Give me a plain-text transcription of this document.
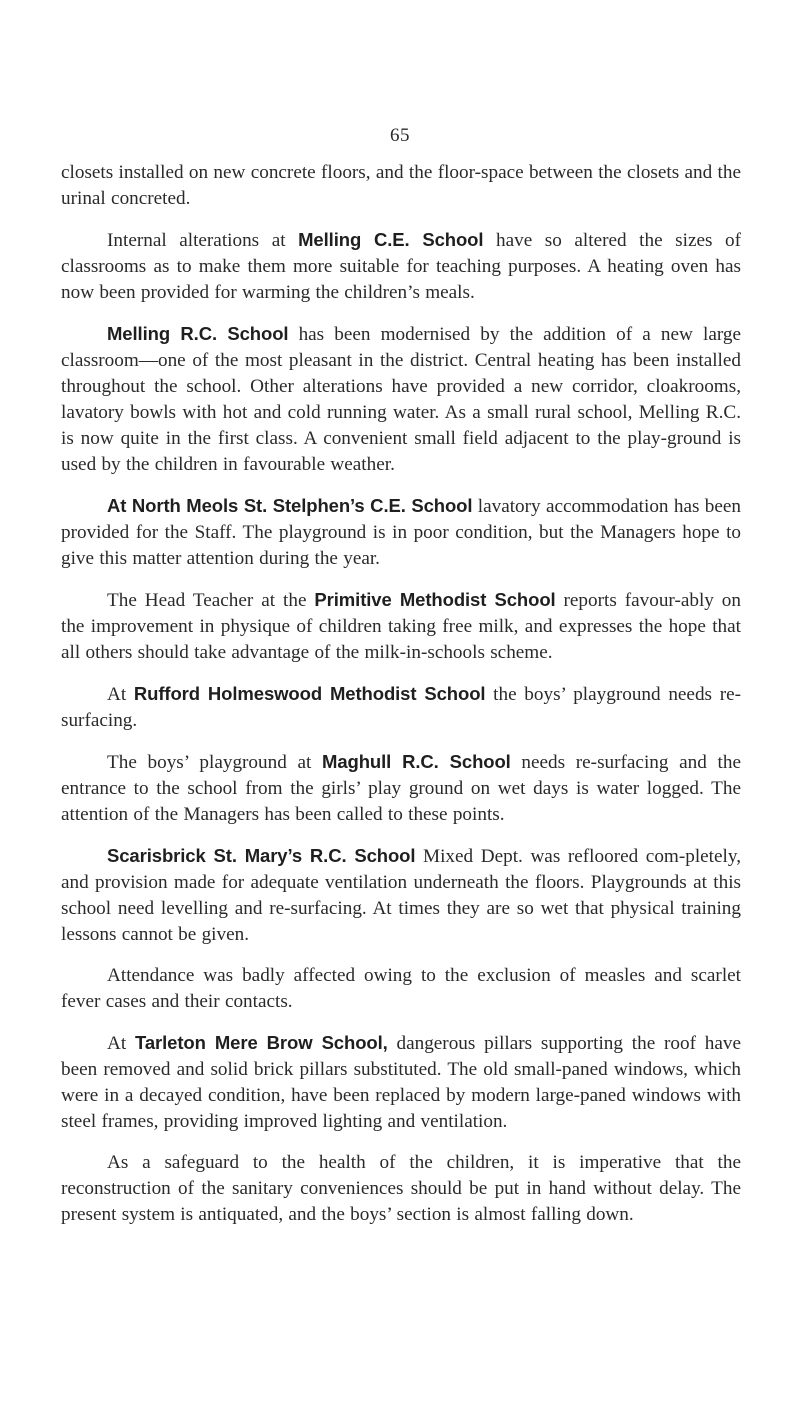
65

closets installed on new concrete floors, and the floor-space between the closets and the urinal concreted.

Internal alterations at Melling C.E. School have so altered the sizes of classrooms as to make them more suitable for teaching purposes. A heating oven has now been provided for warming the children’s meals.

Melling R.C. School has been modernised by the addition of a new large classroom—one of the most pleasant in the district. Central heating has been installed throughout the school. Other alterations have provided a new corridor, cloakrooms, lavatory bowls with hot and cold running water. As a small rural school, Melling R.C. is now quite in the first class. A convenient small field adjacent to the play-ground is used by the children in favourable weather.

At North Meols St. Stelphen’s C.E. School lavatory accommodation has been provided for the Staff. The playground is in poor condition, but the Managers hope to give this matter attention during the year.

The Head Teacher at the Primitive Methodist School reports favour-ably on the improvement in physique of children taking free milk, and expresses the hope that all others should take advantage of the milk-in-schools scheme.

At Rufford Holmeswood Methodist School the boys’ playground needs re-surfacing.

The boys’ playground at Maghull R.C. School needs re-surfacing and the entrance to the school from the girls’ play ground on wet days is water logged. The attention of the Managers has been called to these points.

Scarisbrick St. Mary’s R.C. School Mixed Dept. was refloored com-pletely, and provision made for adequate ventilation underneath the floors. Playgrounds at this school need levelling and re-surfacing. At times they are so wet that physical training lessons cannot be given.

Attendance was badly affected owing to the exclusion of measles and scarlet fever cases and their contacts.

At Tarleton Mere Brow School, dangerous pillars supporting the roof have been removed and solid brick pillars substituted. The old small-paned windows, which were in a decayed condition, have been replaced by modern large-paned windows with steel frames, providing improved lighting and ventilation.

As a safeguard to the health of the children, it is imperative that the reconstruction of the sanitary conveniences should be put in hand without delay. The present system is antiquated, and the boys’ section is almost falling down.
